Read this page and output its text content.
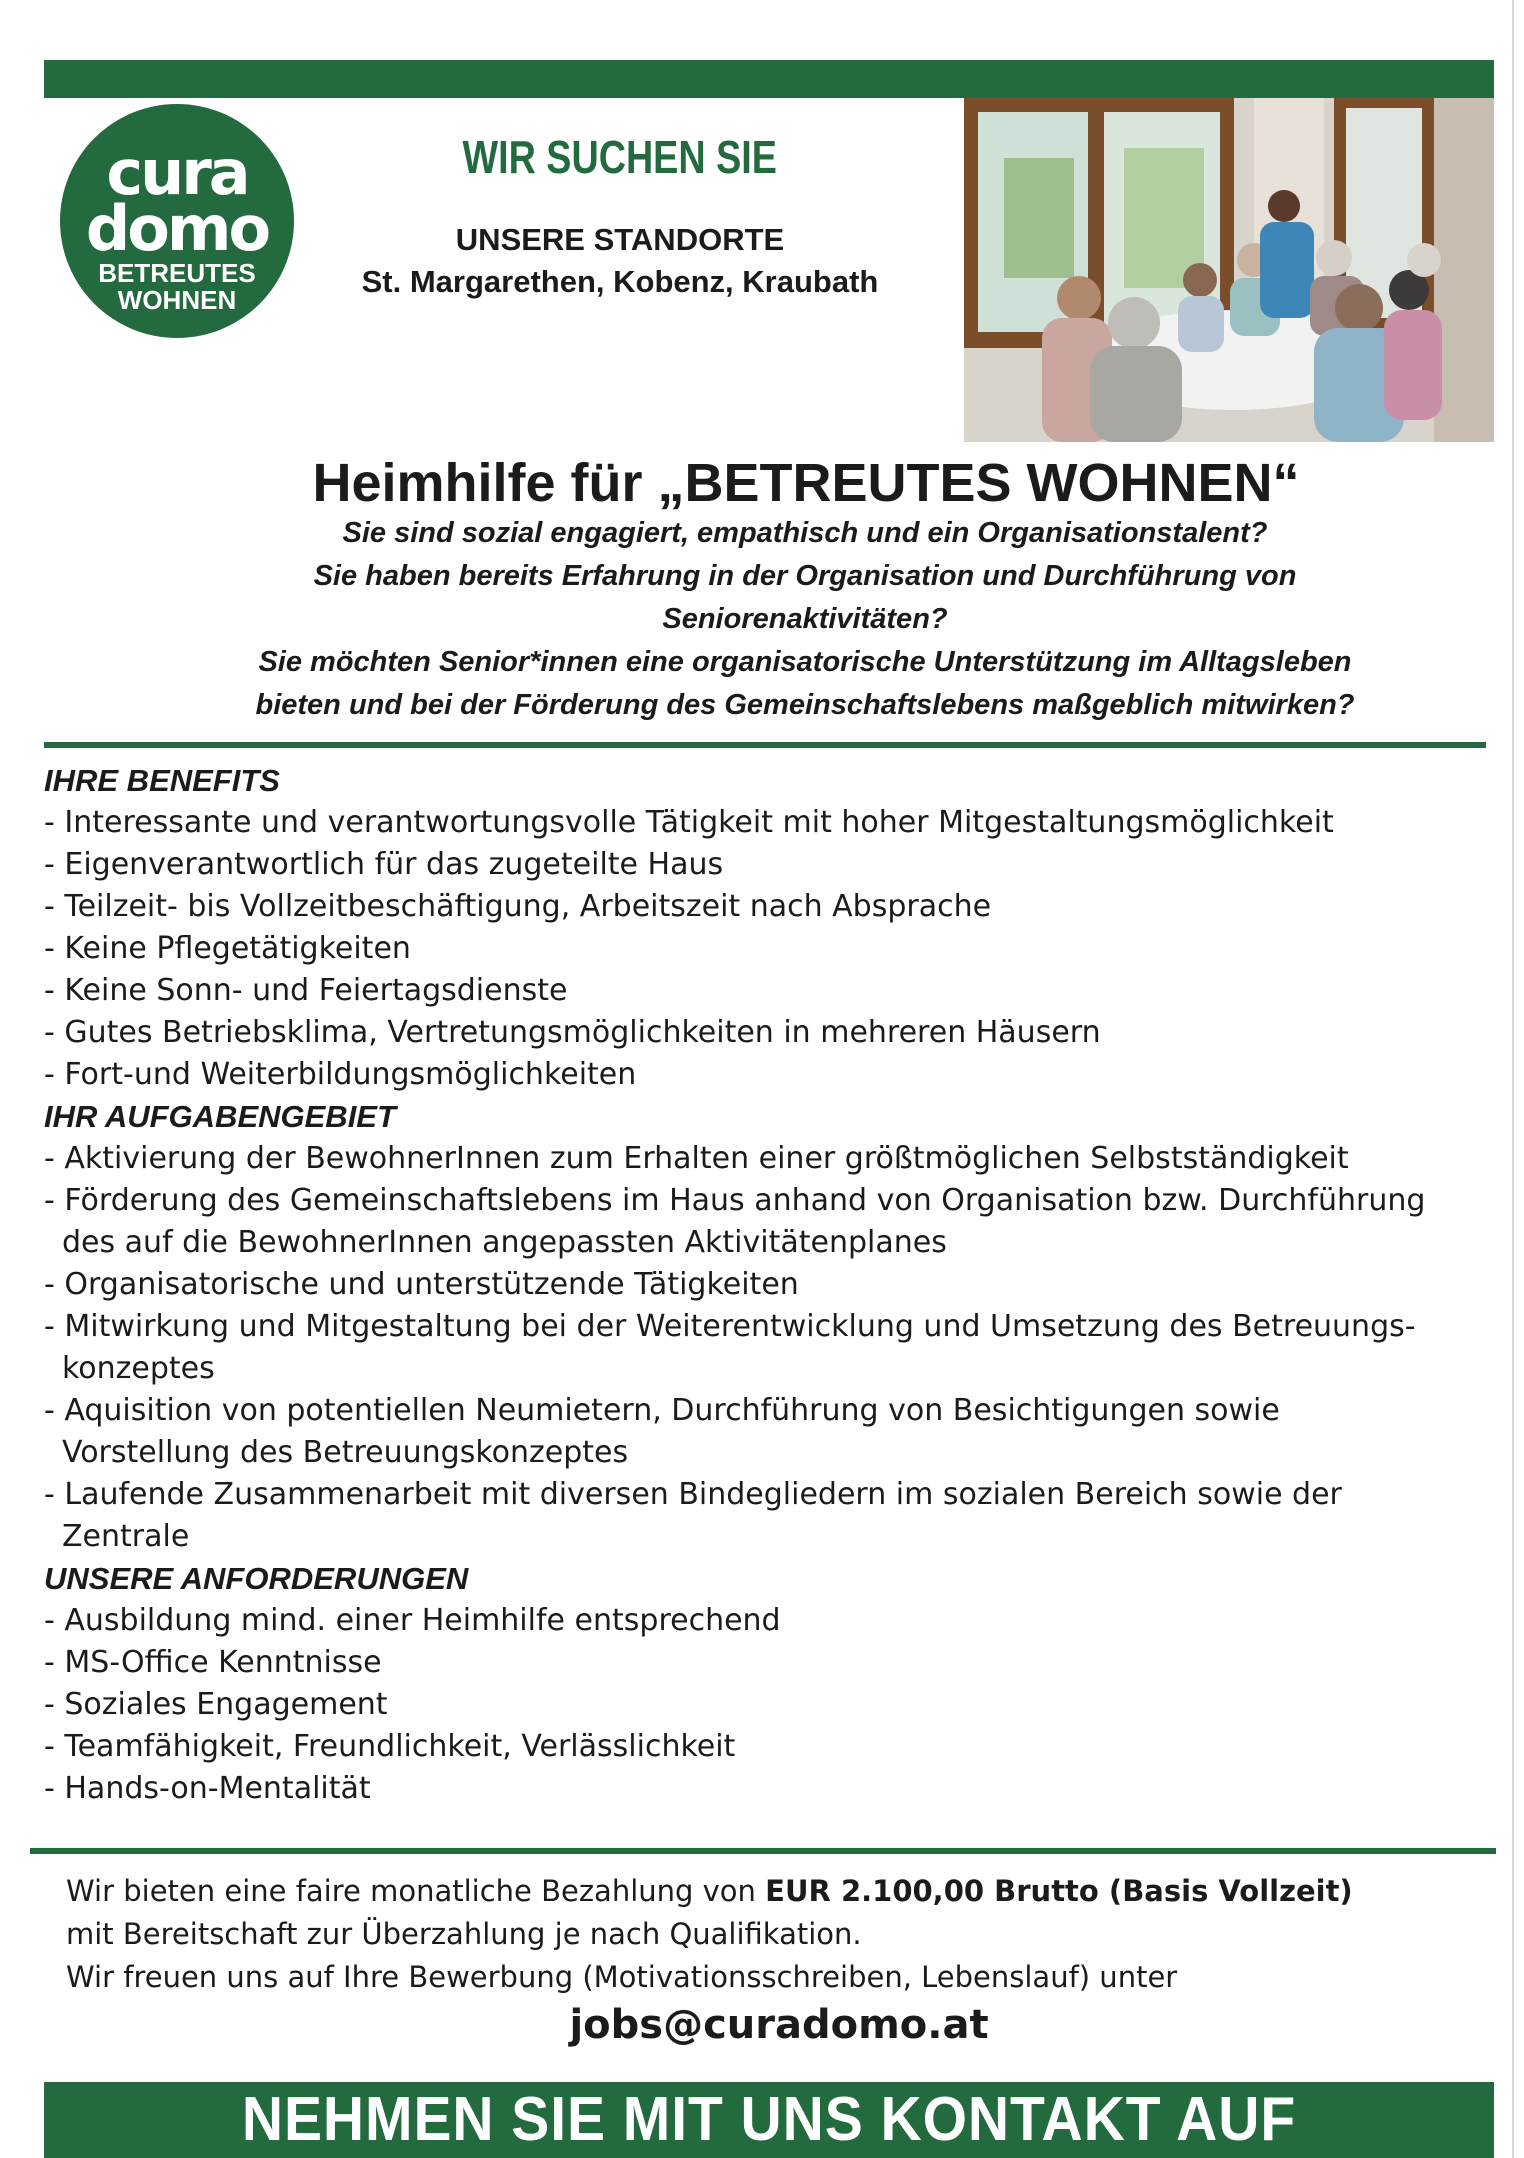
cura
domo
BETREUTES
WOHNEN
WIR SUCHEN SIE
UNSERE STANDORTE
St. Margarethen, Kobenz, Kraubath
Heimhilfe für „BETREUTES WOHNEN“
Sie sind sozial engagiert, empathisch und ein Organisationstalent?
Sie haben bereits Erfahrung in der Organisation und Durchführung von
Seniorenaktivitäten?
Sie möchten Senior*innen eine organisatorische Unterstützung im Alltagsleben
bieten und bei der Förderung des Gemeinschaftslebens maßgeblich mitwirken?
IHRE BENEFITS
- Interessante und verantwortungsvolle Tätigkeit mit hoher Mitgestaltungsmöglichkeit
- Eigenverantwortlich für das zugeteilte Haus
- Teilzeit- bis Vollzeitbeschäftigung, Arbeitszeit nach Absprache
- Keine Pflegetätigkeiten
- Keine Sonn- und Feiertagsdienste
- Gutes Betriebsklima, Vertretungsmöglichkeiten in mehreren Häusern
- Fort-und Weiterbildungsmöglichkeiten
IHR AUFGABENGEBIET
- Aktivierung der BewohnerInnen zum Erhalten einer größtmöglichen Selbstständigkeit
- Förderung des Gemeinschaftslebens im Haus anhand von Organisation bzw. Durchführung des auf die BewohnerInnen angepassten Aktivitätenplanes
- Organisatorische und unterstützende Tätigkeiten
- Mitwirkung und Mitgestaltung bei der Weiterentwicklung und Umsetzung des Betreuungs-konzeptes
- Aquisition von potentiellen Neumietern, Durchführung von Besichtigungen sowie Vorstellung des Betreuungskonzeptes
- Laufende Zusammenarbeit mit diversen Bindegliedern im sozialen Bereich sowie der Zentrale
UNSERE ANFORDERUNGEN
- Ausbildung mind. einer Heimhilfe entsprechend
- MS-Office Kenntnisse
- Soziales Engagement
- Teamfähigkeit, Freundlichkeit, Verlässlichkeit
- Hands-on-Mentalität
Wir bieten eine faire monatliche Bezahlung von EUR 2.100,00 Brutto (Basis Vollzeit)
mit Bereitschaft zur Überzahlung je nach Qualifikation.
Wir freuen uns auf Ihre Bewerbung (Motivationsschreiben, Lebenslauf) unter
jobs@curadomo.at
NEHMEN SIE MIT UNS KONTAKT AUF
